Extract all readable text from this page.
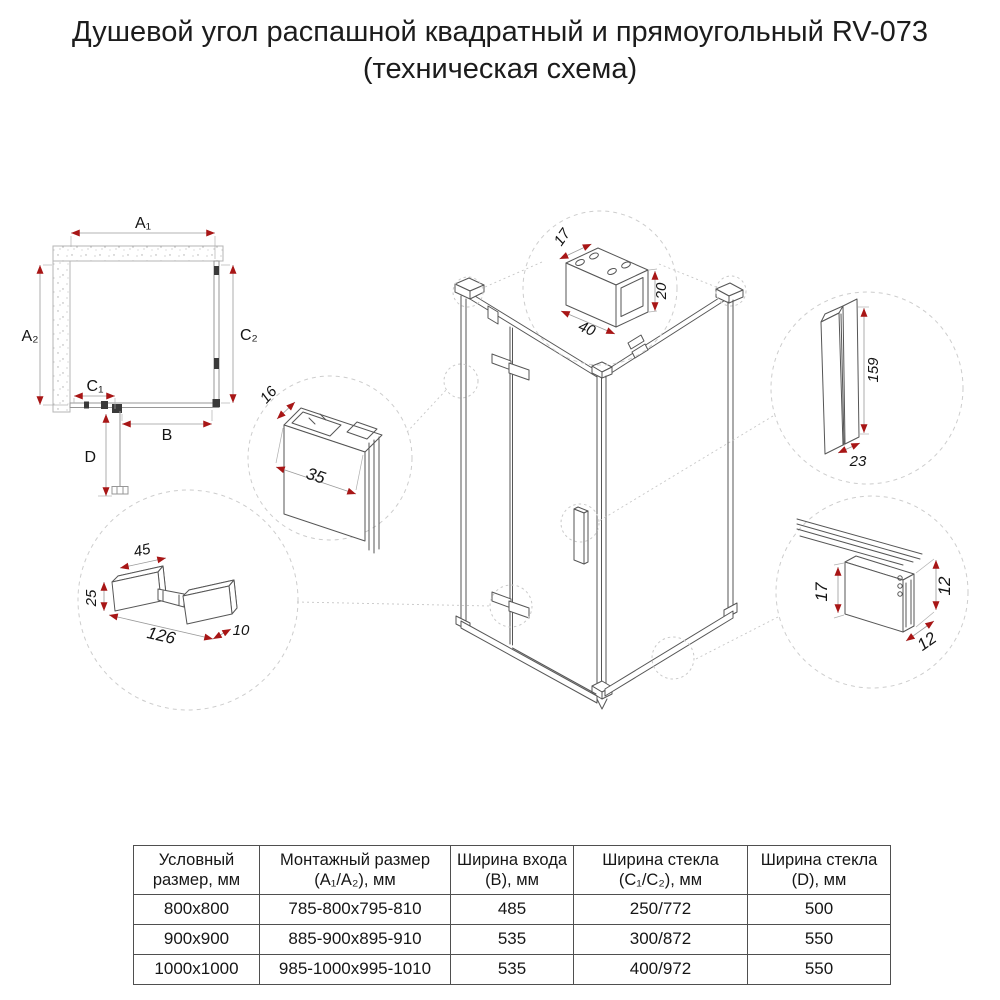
Душевой угол распашной квадратный и прямоугольный RV-073
(техническая схема)
A₁
A₂	C₂
C₁
B
D
17
20
40
16
35
159
23
45
25
126	10
17	12
12
Условный размер, мм	Монтажный размер (A₁/A₂), мм	Ширина входа (B), мм	Ширина стекла (C₁/C₂), мм	Ширина стекла (D), мм
800x800	785-800x795-810	485	250/772	500
900x900	885-900x895-910	535	300/872	550
1000x1000	985-1000x995-1010	535	400/972	550
